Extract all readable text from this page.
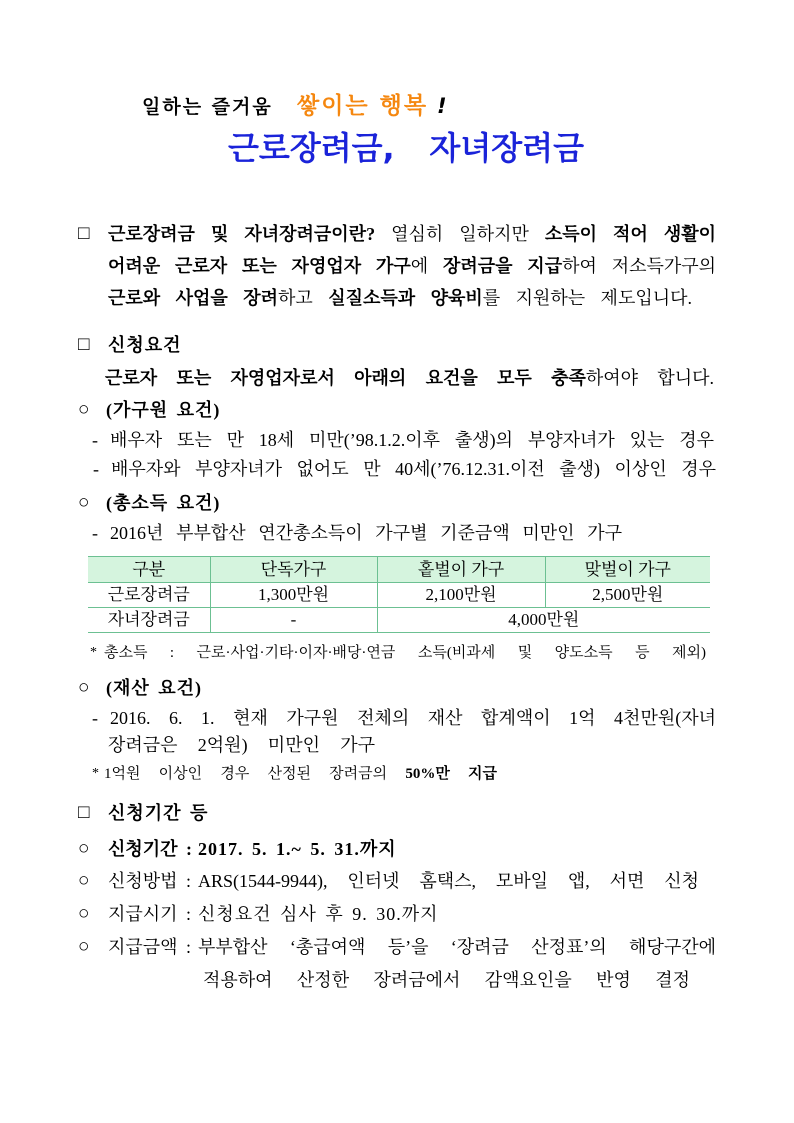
일하는 즐거움 쌓이는 행복 !
근로장려금, 자녀장려금
□ 근로장려금 및 자녀장려금이란? 열심히 일하지만 소득이 적어 생활이
어려운 근로자 또는 자영업자 가구에 장려금을 지급하여 저소득가구의
근로와 사업을 장려하고 실질소득과 양육비를 지원하는 제도입니다.
□ 신청요건
근로자 또는 자영업자로서 아래의 요건을 모두 충족하여야 합니다.
○ (가구원 요건)
- 배우자 또는 만 18세 미만(’98.1.2.이후 출생)의 부양자녀가 있는 경우
- 배우자와 부양자녀가 없어도 만 40세(’76.12.31.이전 출생) 이상인 경우
○ (총소득 요건)
- 2016년 부부합산 연간총소득이 가구별 기준금액 미만인 가구
구분	단독가구	홑벌이 가구	맞벌이 가구
근로장려금	1,300만원	2,100만원	2,500만원
자녀장려금	-	4,000만원	
* 총소득 : 근로·사업·기타·이자·배당·연금 소득(비과세 및 양도소득 등 제외)
○ (재산 요건)
- 2016. 6. 1. 현재 가구원 전체의 재산 합계액이 1억 4천만원(자녀
장려금은 2억원) 미만인 가구
* 1억원 이상인 경우 산정된 장려금의 50%만 지급
□ 신청기간 등
○ 신청기간 : 2017. 5. 1.~ 5. 31.까지
○ 신청방법 : ARS(1544-9944), 인터넷 홈택스, 모바일 앱, 서면 신청
○ 지급시기 : 신청요건 심사 후 9. 30.까지
○ 지급금액 : 부부합산 ‘총급여액 등’을 ‘장려금 산정표’의 해당구간에
적용하여 산정한 장려금에서 감액요인을 반영 결정
